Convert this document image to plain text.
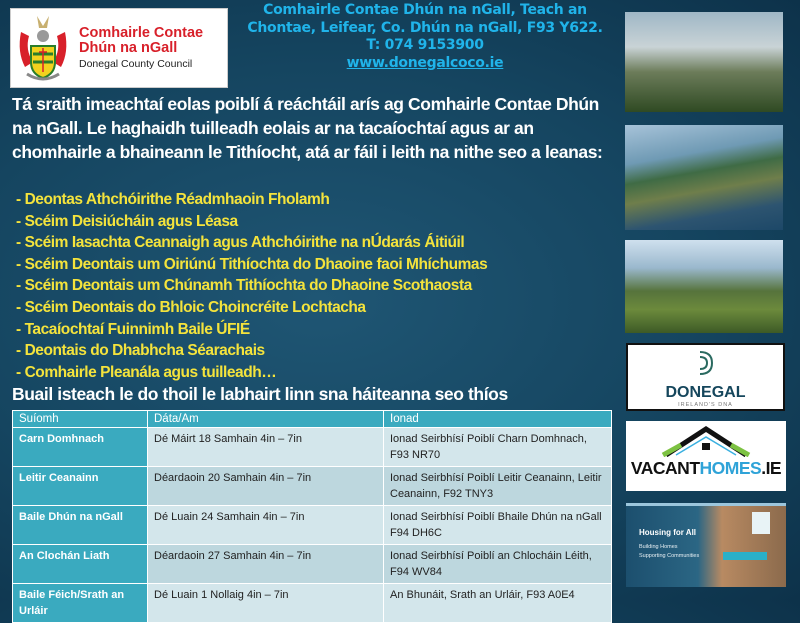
Comhairle Contae
Dhún na nGall
Donegal County Council
Comhairle Contae Dhún na nGall, Teach an Chontae, Leifear, Co. Dhún na nGall, F93 Y622.
T: 074 9153900
www.donegalcoco.ie
Tá sraith imeachtaí eolas poiblí á reáchtáil arís ag Comhairle Contae Dhún na nGall. Le haghaidh tuilleadh eolais ar na tacaíochtaí agus ar an chomhairle a bhaineann le Tithíocht, atá ar fáil i leith na nithe seo a leanas:
- Deontas Athchóirithe Réadmhaoin Fholamh
- Scéim Deisiúcháin agus Léasa
- Scéim Iasachta Ceannaigh agus Athchóirithe na nÚdarás Áitiúil
- Scéim Deontais um Oiriúnú Tithíochta do Dhaoine faoi Mhíchumas
- Scéim Deontais um Chúnamh Tithíochta do Dhaoine Scothaosta
- Scéim Deontais do Bhloic Choincréite Lochtacha
- Tacaíochtaí Fuinnimh Baile ÚFIÉ
- Deontais do Dhabhcha Séarachais
- Comhairle Pleanála agus tuilleadh…
Buail isteach le do thoil le labhairt linn sna háiteanna seo thíos
Suíomh	Dáta/Am	Ionad
Carn Domhnach	Dé Máirt 18 Samhain 4in – 7in	Ionad Seirbhísí Poiblí Charn Domhnach, F93 NR70
Leitir Ceanainn	Déardaoin 20 Samhain 4in – 7in	Ionad Seirbhísí Poiblí Leitir Ceanainn, Leitir Ceanainn, F92 TNY3
Baile Dhún na nGall	Dé Luain 24 Samhain 4in – 7in	Ionad Seirbhísí Poiblí Bhaile Dhún na nGall F94 DH6C
An Clochán Liath	Déardaoin 27 Samhain 4in – 7in	Ionad Seirbhísí Poiblí an Chlocháin Léith, F94 WV84
Baile Féich/Srath an Urláir	Dé Luain 1 Nollaig 4in – 7in	An Bhunáit, Srath an Urláir, F93 A0E4
DONEGAL
IRELAND'S DNA
VACANTHOMES.IE
Housing for All
Building Homes
Supporting Communities
